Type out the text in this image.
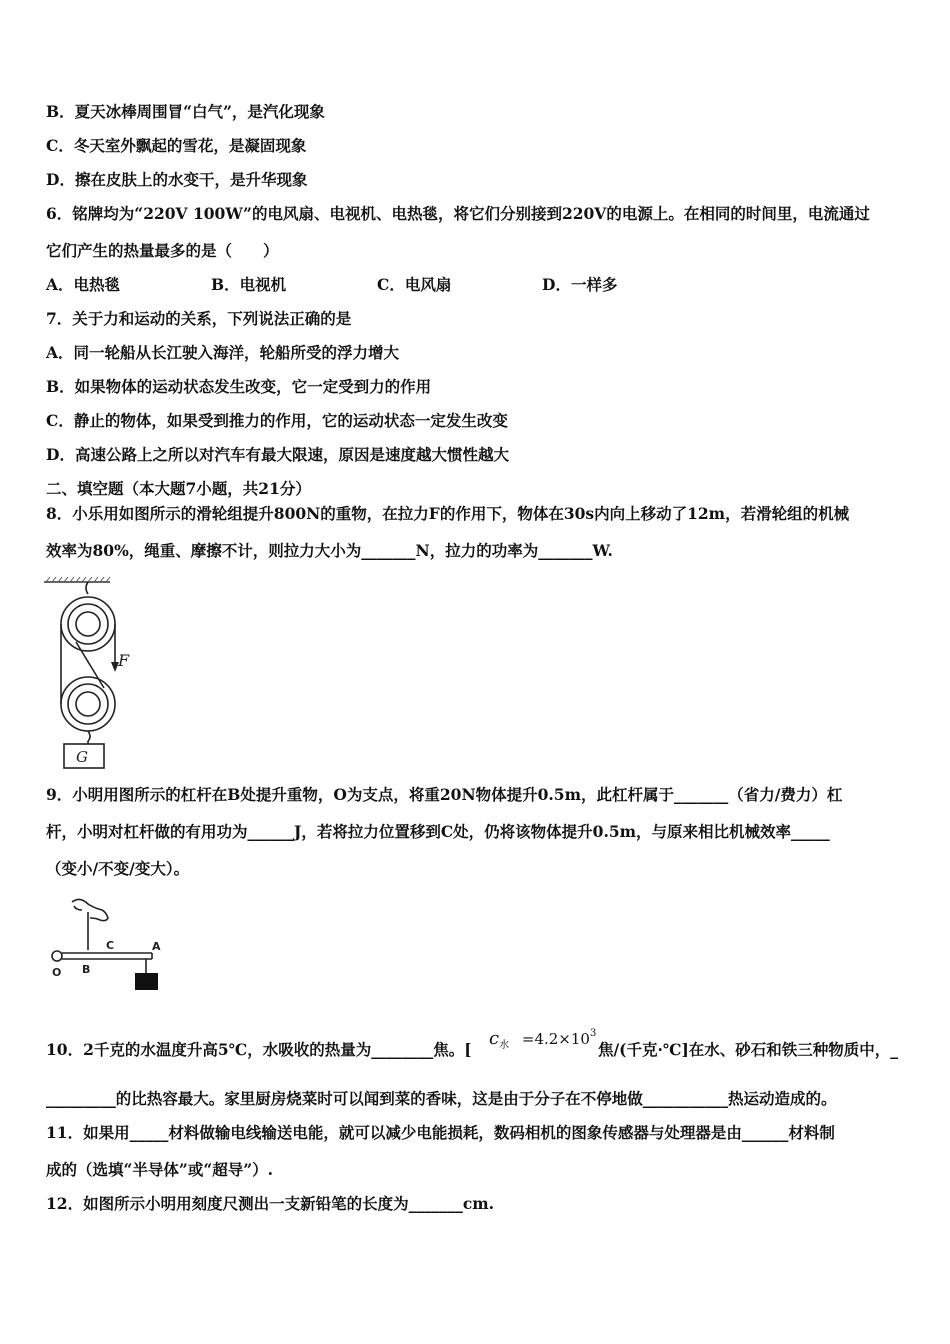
B．夏天冰棒周围冒“白气”，是汽化现象
C．冬天室外飘起的雪花，是凝固现象
D．擦在皮肤上的水变干，是升华现象
6．铭牌均为“220V 100W”的电风扇、电视机、电热毯，将它们分别接到220V的电源上。在相同的时间里，电流通过
它们产生的热量最多的是（　　）
A．电热毯	B．电视机	C．电风扇	D．一样多
7．关于力和运动的关系，下列说法正确的是
A．同一轮船从长江驶入海洋，轮船所受的浮力增大
B．如果物体的运动状态发生改变，它一定受到力的作用
C．静止的物体，如果受到推力的作用，它的运动状态一定发生改变
D．高速公路上之所以对汽车有最大限速，原因是速度越大惯性越大
二、填空题（本大题7小题，共21分）
8．小乐用如图所示的滑轮组提升800N的重物，在拉力F的作用下，物体在30s内向上移动了12m，若滑轮组的机械
效率为80%，绳重、摩擦不计，则拉力大小为_______N，拉力的功率为_______W.
F
G
9．小明用图所示的杠杆在B处提升重物，O为支点，将重20N物体提升0.5m，此杠杆属于_______（省力/费力）杠
杆，小明对杠杆做的有用功为______J，若将拉力位置移到C处，仍将该物体提升0.5m，与原来相比机械效率_____
（变小/不变/变大）。
O B
C	A
10．2千克的水温度升高5℃，水吸收的热量为________焦。[
$c_水 =4.2\times 10^3$
焦/(千克·℃]在水、砂石和铁三种物质中，_
_________的比热容最大。家里厨房烧菜时可以闻到菜的香味，这是由于分子在不停地做___________热运动造成的。
11．如果用_____材料做输电线输送电能，就可以减少电能损耗，数码相机的图象传感器与处理器是由______材料制
成的（选填“半导体”或“超导”）.
12．如图所示小明用刻度尺测出一支新铅笔的长度为_______cm.
